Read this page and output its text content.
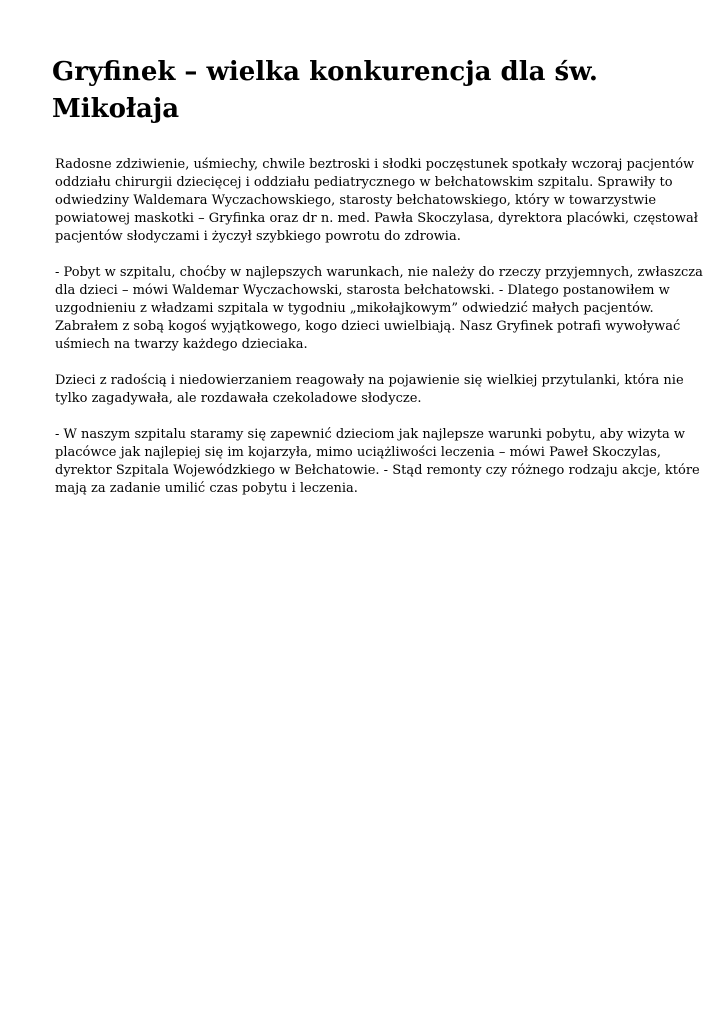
Gryfinek – wielka konkurencja dla św.
Mikołaja

Radosne zdziwienie, uśmiechy, chwile beztroski i słodki poczęstunek spotkały wczoraj pacjentów
oddziału chirurgii dziecięcej i oddziału pediatrycznego w bełchatowskim szpitalu. Sprawiły to
odwiedziny Waldemara Wyczachowskiego, starosty bełchatowskiego, który w towarzystwie
powiatowej maskotki – Gryfinka oraz dr n. med. Pawła Skoczylasa, dyrektora placówki, częstował
pacjentów słodyczami i życzył szybkiego powrotu do zdrowia.

- Pobyt w szpitalu, choćby w najlepszych warunkach, nie należy do rzeczy przyjemnych, zwłaszcza
dla dzieci – mówi Waldemar Wyczachowski, starosta bełchatowski. - Dlatego postanowiłem w
uzgodnieniu z władzami szpitala w tygodniu „mikołajkowym” odwiedzić małych pacjentów.
Zabrałem z sobą kogoś wyjątkowego, kogo dzieci uwielbiają. Nasz Gryfinek potrafi wywoływać
uśmiech na twarzy każdego dzieciaka.

Dzieci z radością i niedowierzaniem reagowały na pojawienie się wielkiej przytulanki, która nie
tylko zagadywała, ale rozdawała czekoladowe słodycze.

- W naszym szpitalu staramy się zapewnić dzieciom jak najlepsze warunki pobytu, aby wizyta w
placówce jak najlepiej się im kojarzyła, mimo uciążliwości leczenia – mówi Paweł Skoczylas,
dyrektor Szpitala Wojewódzkiego w Bełchatowie. - Stąd remonty czy różnego rodzaju akcje, które
mają za zadanie umilić czas pobytu i leczenia.
